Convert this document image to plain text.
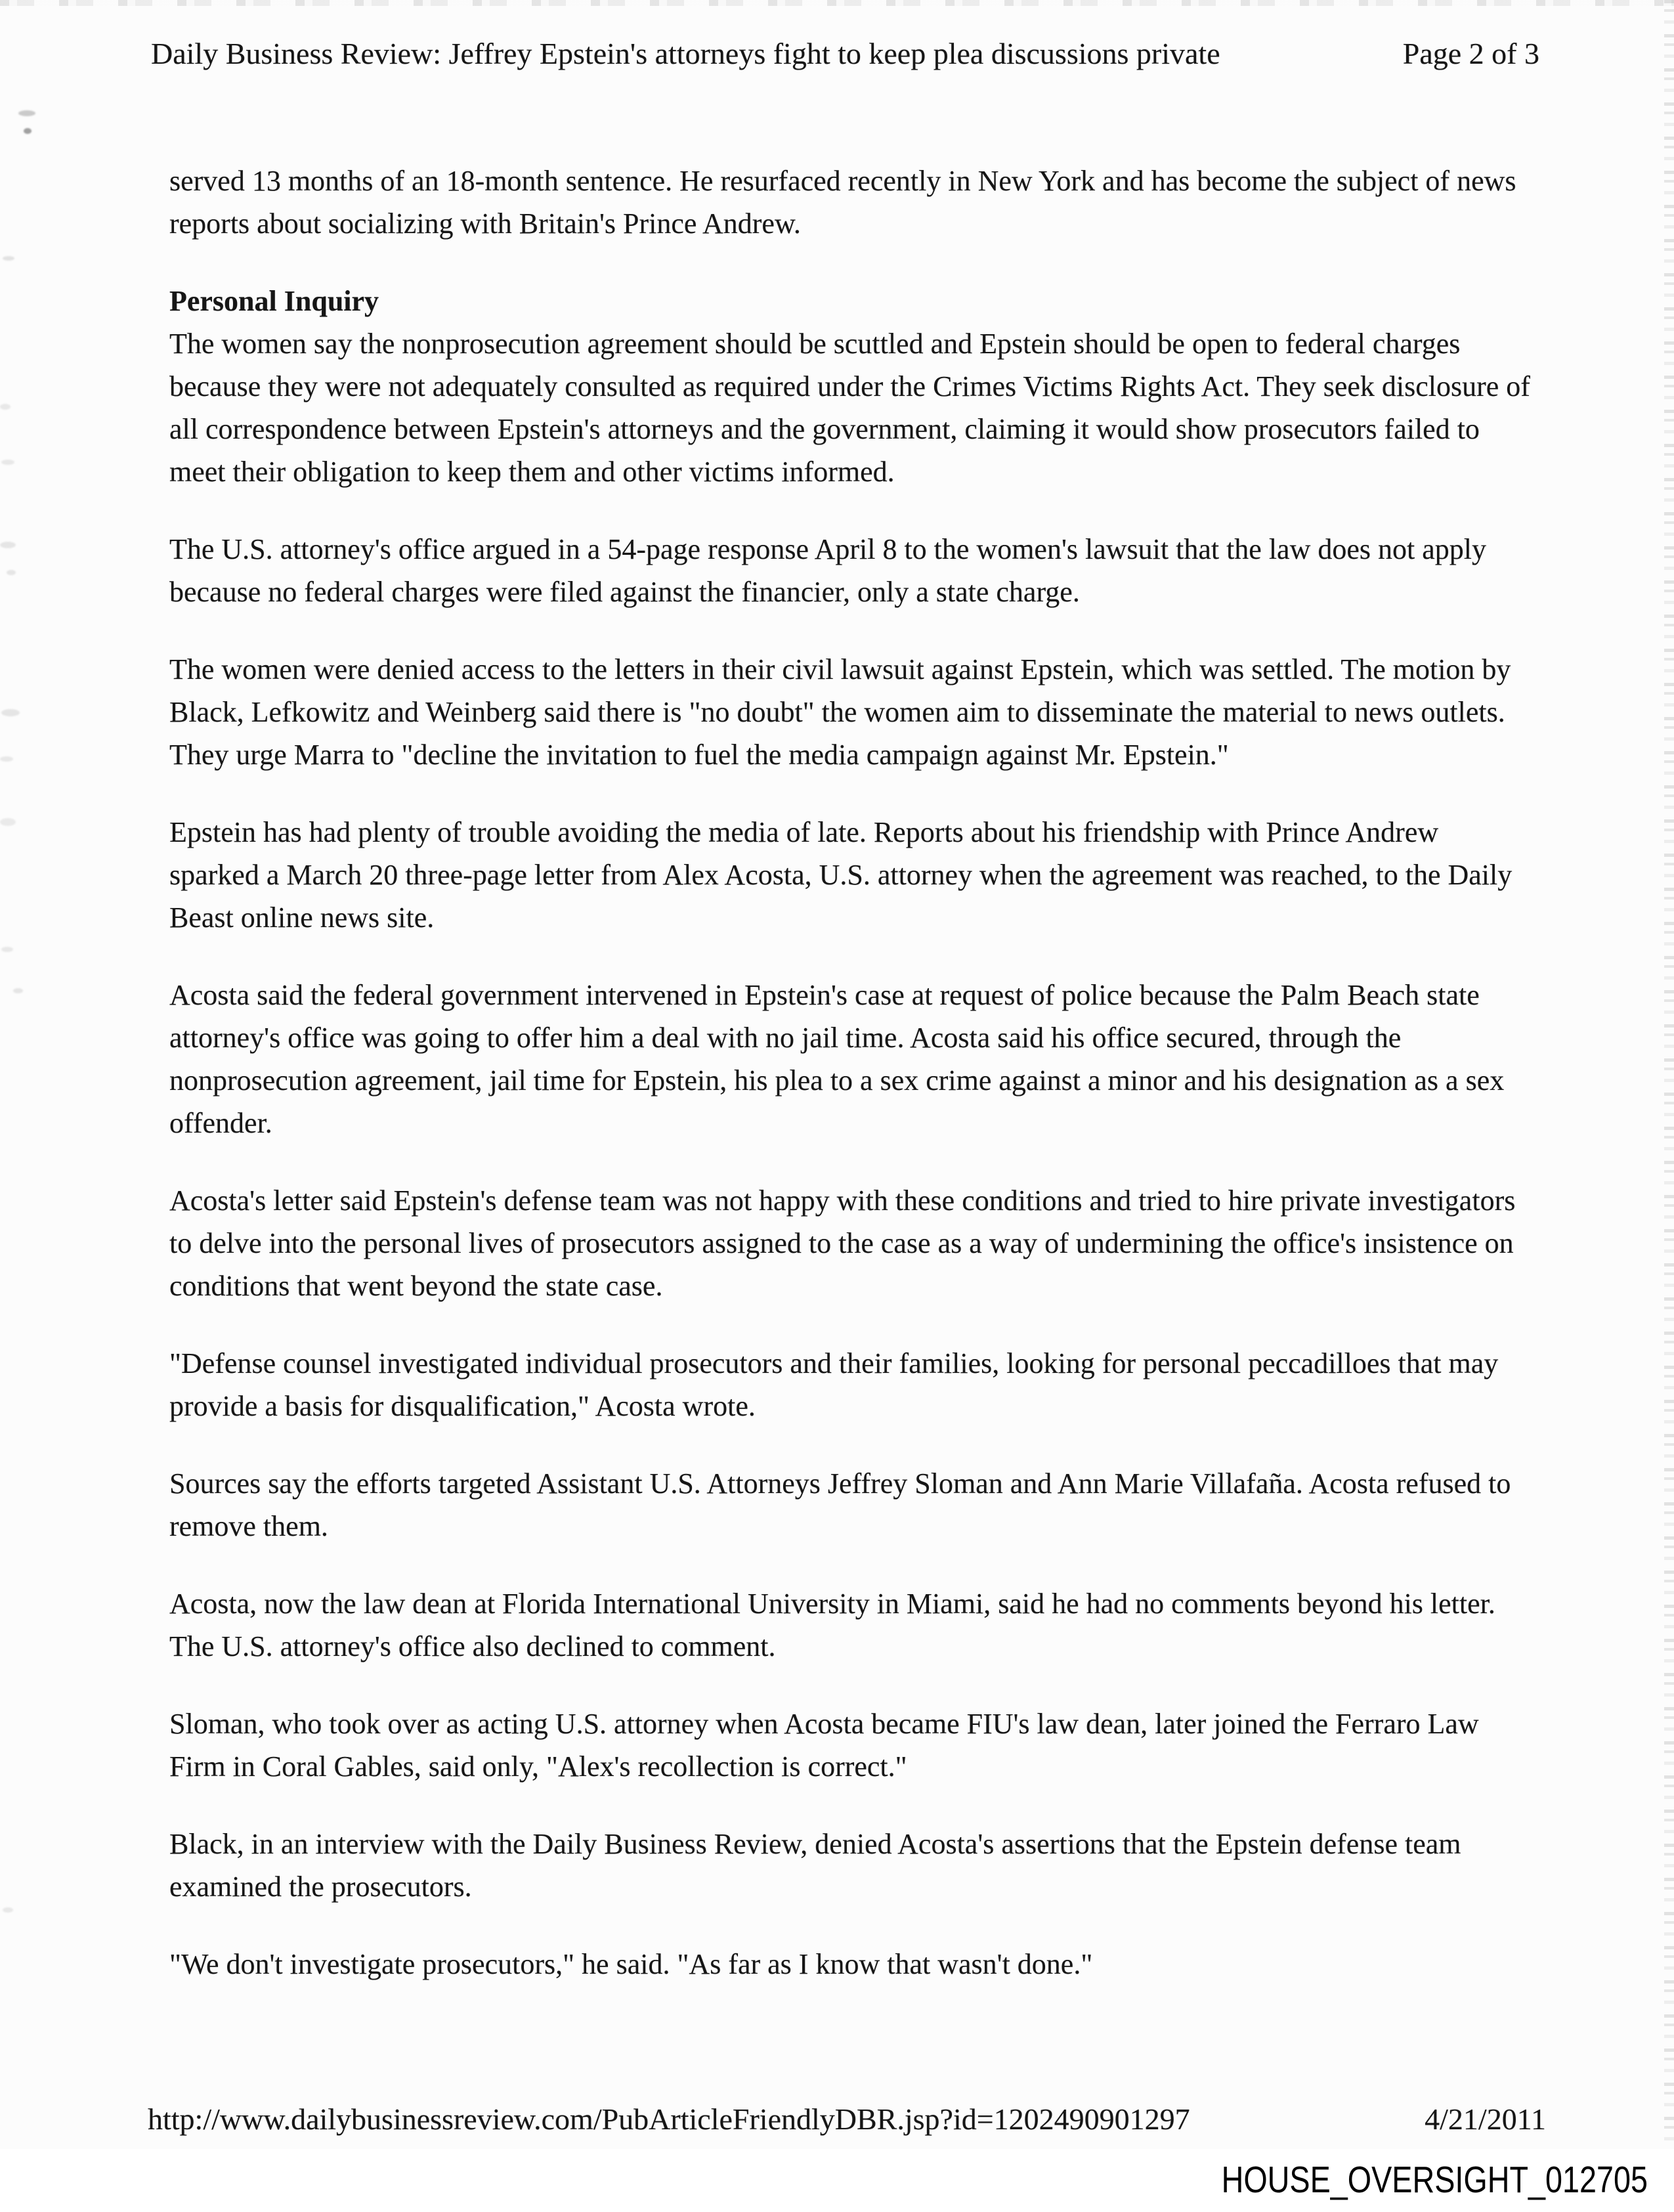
Daily Business Review: Jeffrey Epstein's attorneys fight to keep plea discussions private	Page 2 of 3

served 13 months of an 18-month sentence. He resurfaced recently in New York and has become the subject of news reports about socializing with Britain's Prince Andrew.

Personal Inquiry

The women say the nonprosecution agreement should be scuttled and Epstein should be open to federal charges because they were not adequately consulted as required under the Crimes Victims Rights Act. They seek disclosure of all correspondence between Epstein's attorneys and the government, claiming it would show prosecutors failed to meet their obligation to keep them and other victims informed.

The U.S. attorney's office argued in a 54-page response April 8 to the women's lawsuit that the law does not apply because no federal charges were filed against the financier, only a state charge.

The women were denied access to the letters in their civil lawsuit against Epstein, which was settled. The motion by Black, Lefkowitz and Weinberg said there is "no doubt" the women aim to disseminate the material to news outlets. They urge Marra to "decline the invitation to fuel the media campaign against Mr. Epstein."

Epstein has had plenty of trouble avoiding the media of late. Reports about his friendship with Prince Andrew sparked a March 20 three-page letter from Alex Acosta, U.S. attorney when the agreement was reached, to the Daily Beast online news site.

Acosta said the federal government intervened in Epstein's case at request of police because the Palm Beach state attorney's office was going to offer him a deal with no jail time. Acosta said his office secured, through the nonprosecution agreement, jail time for Epstein, his plea to a sex crime against a minor and his designation as a sex offender.

Acosta's letter said Epstein's defense team was not happy with these conditions and tried to hire private investigators to delve into the personal lives of prosecutors assigned to the case as a way of undermining the office's insistence on conditions that went beyond the state case.

"Defense counsel investigated individual prosecutors and their families, looking for personal peccadilloes that may provide a basis for disqualification," Acosta wrote.

Sources say the efforts targeted Assistant U.S. Attorneys Jeffrey Sloman and Ann Marie Villafaña. Acosta refused to remove them.

Acosta, now the law dean at Florida International University in Miami, said he had no comments beyond his letter. The U.S. attorney's office also declined to comment.

Sloman, who took over as acting U.S. attorney when Acosta became FIU's law dean, later joined the Ferraro Law Firm in Coral Gables, said only, "Alex's recollection is correct."

Black, in an interview with the Daily Business Review, denied Acosta's assertions that the Epstein defense team examined the prosecutors.

"We don't investigate prosecutors," he said. "As far as I know that wasn't done."

http://www.dailybusinessreview.com/PubArticleFriendlyDBR.jsp?id=1202490901297	4/21/2011
HOUSE_OVERSIGHT_012705
